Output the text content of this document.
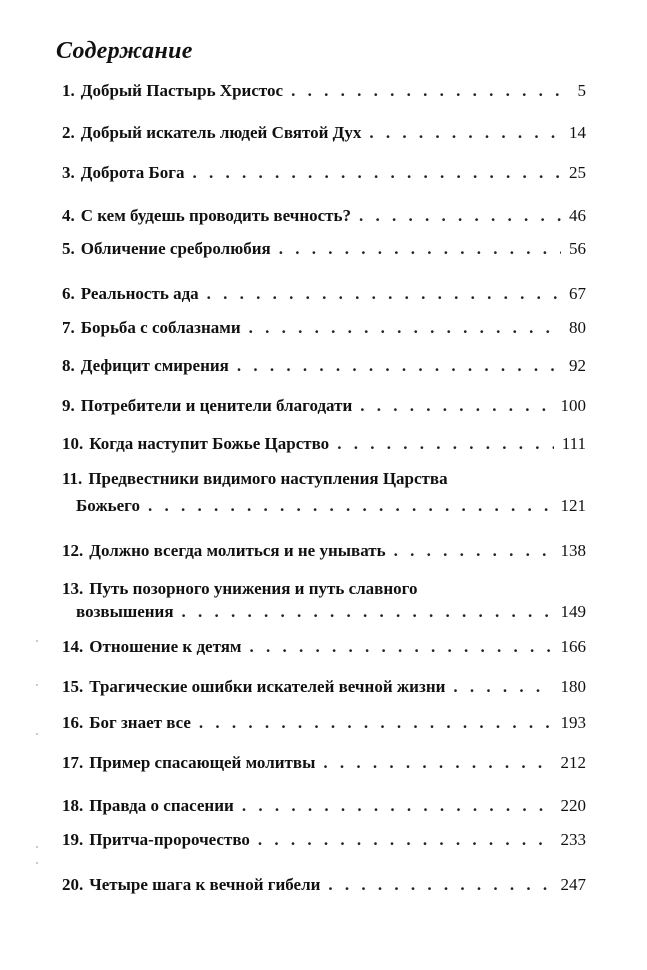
Содержание
1. Добрый Пастырь Христос . . .	5
2. Добрый искатель людей Святой Дух . . .	14
3. Доброта Бога . . .	25
4. С кем будешь проводить вечность? . . .	46
5. Обличение сребролюбия . . .	56
6. Реальность ада . . .	67
7. Борьба с соблазнами . . .	80
8. Дефицит смирения . . .	92
9. Потребители и ценители благодати . . .	100
10. Когда наступит Божье Царство . . .	111
11. Предвестники видимого наступления Царства
Божьего . . .	121
12. Должно всегда молиться и не унывать . . .	138
13. Путь позорного унижения и путь славного
возвышения . . .	149
14. Отношение к детям . . .	166
15. Трагические ошибки искателей вечной жизни . . .	180
16. Бог знает все . . .	193
17. Пример спасающей молитвы . . .	212
18. Правда о спасении . . .	220
19. Притча-пророчество . . .	233
20. Четыре шага к вечной гибели . . .	247
